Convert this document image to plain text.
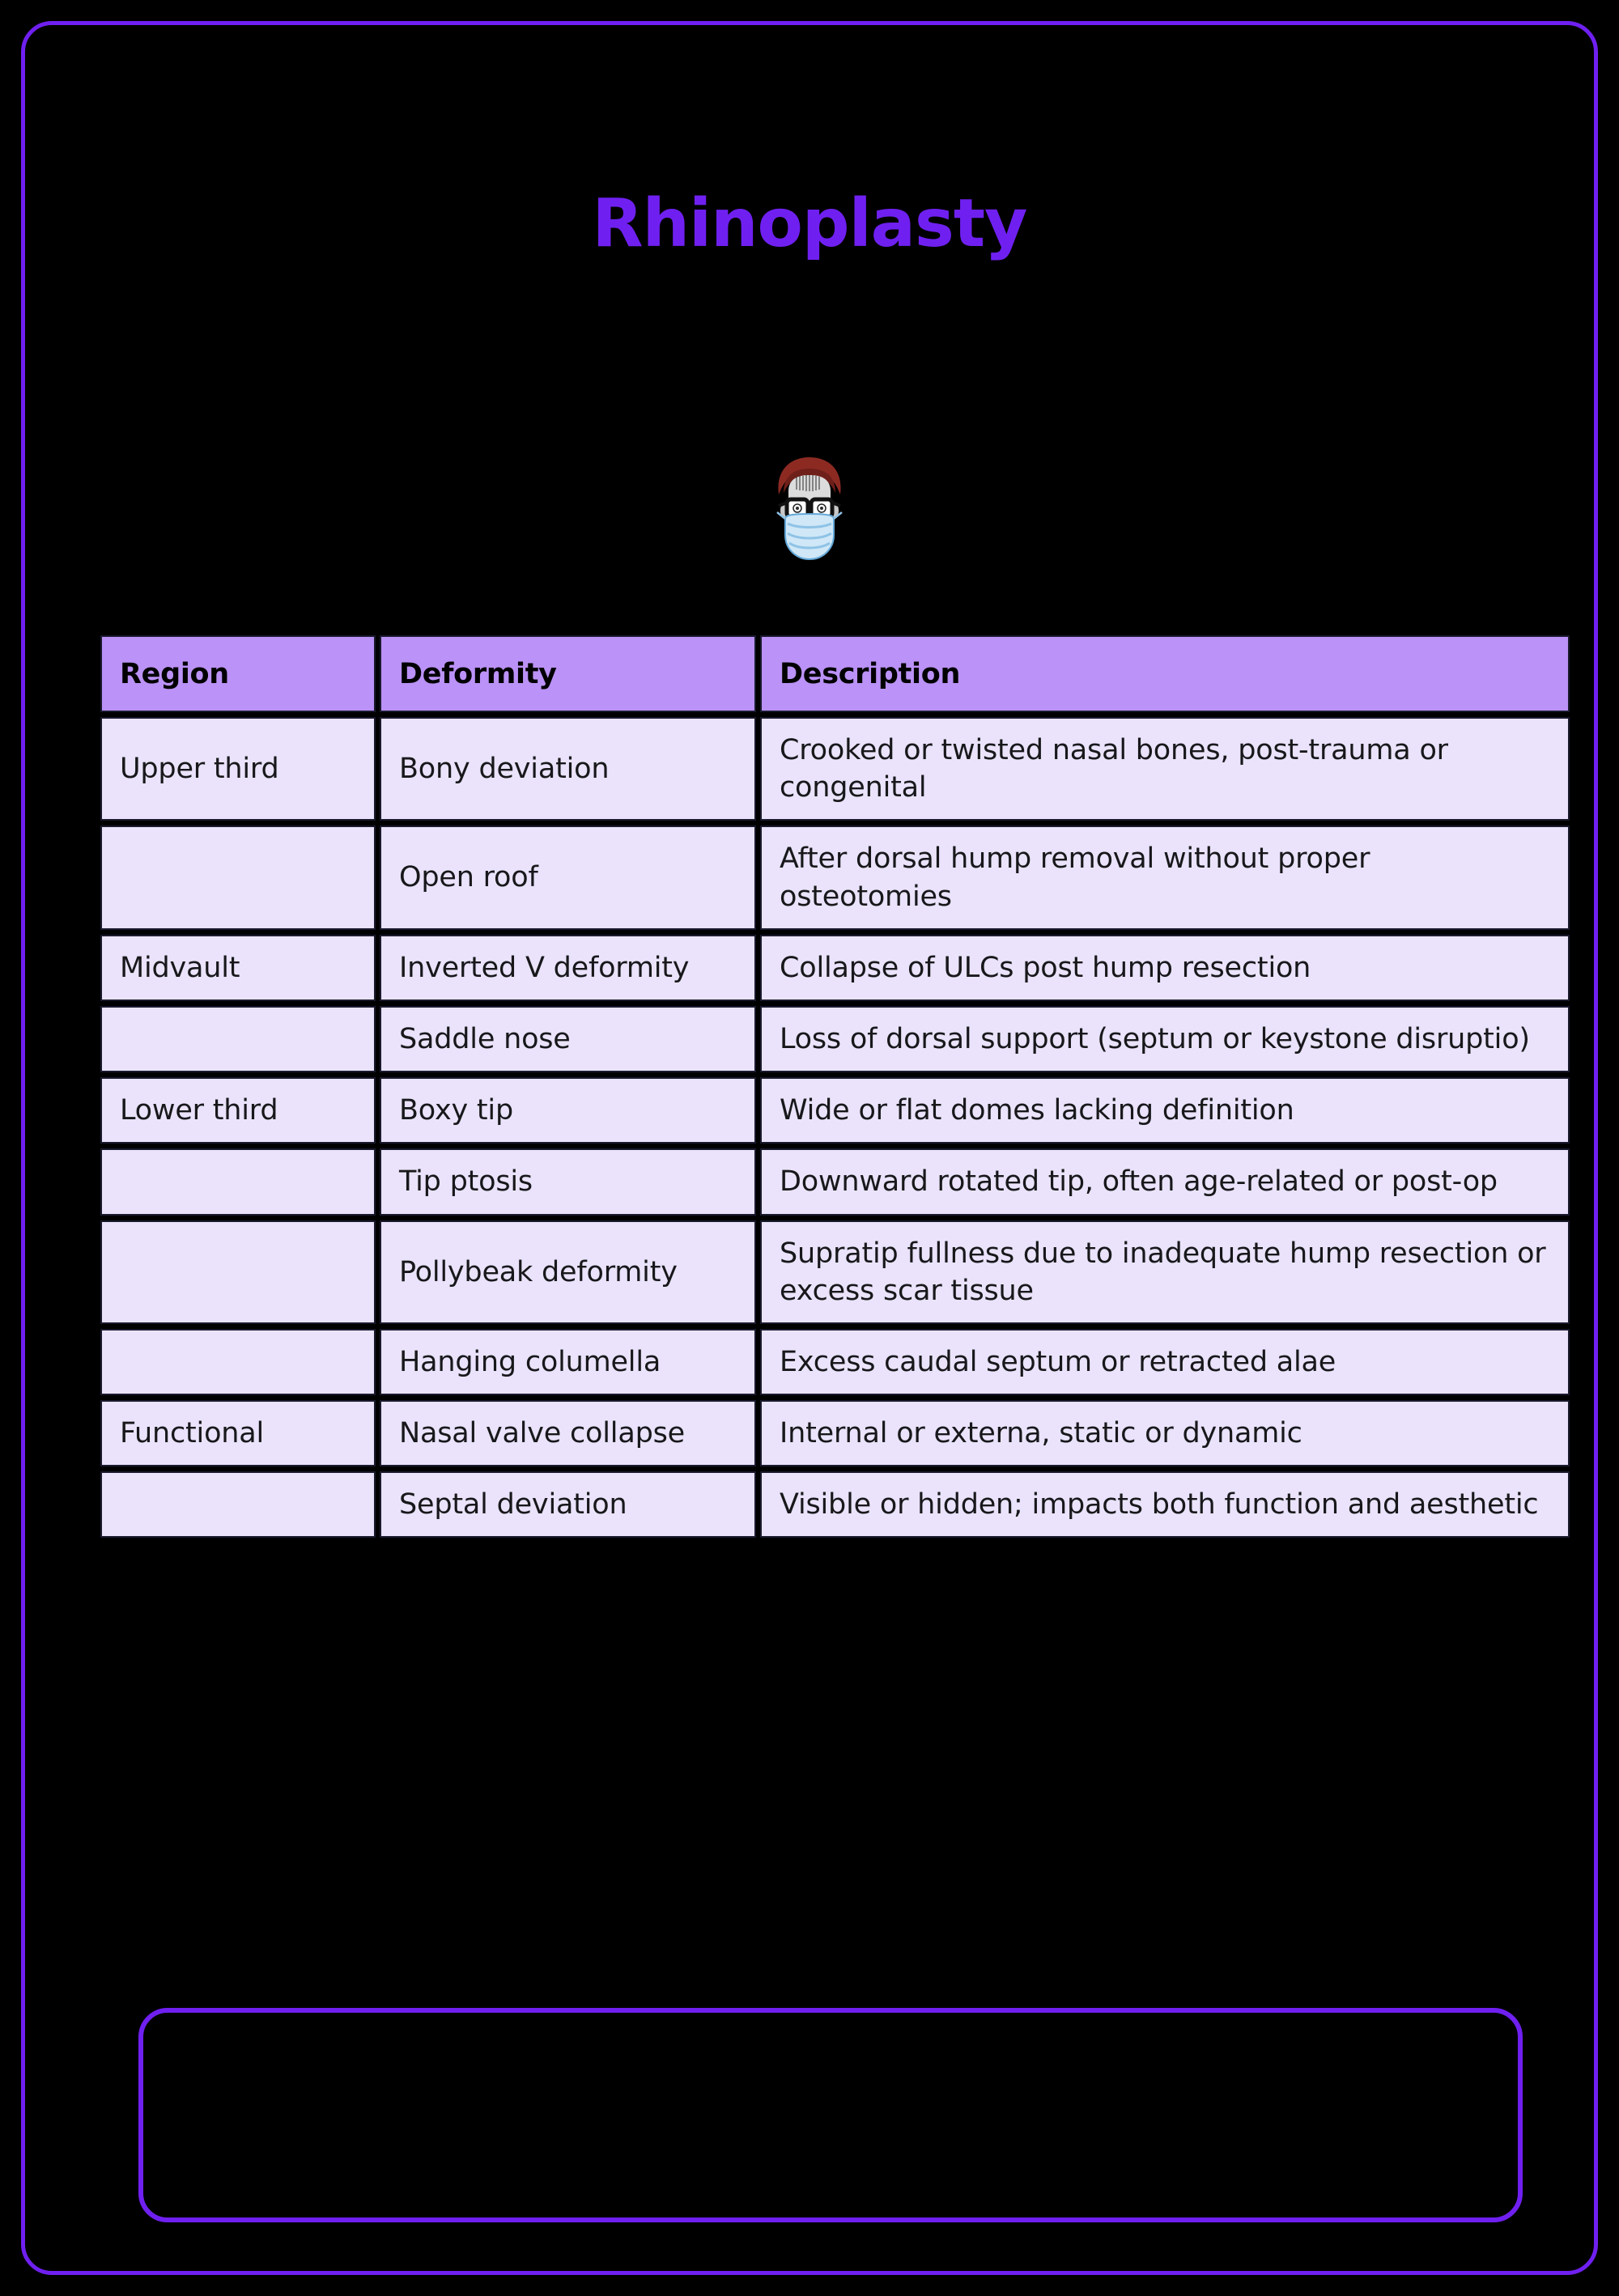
Rhinoplasty
Region	Deformity	Description
Upper third	Bony deviation	Crooked or twisted nasal bones, post-trauma or congenital
	Open roof	After dorsal hump removal without proper osteotomies
Midvault	Inverted V deformity	Collapse of ULCs post hump resection
	Saddle nose	Loss of dorsal support (septum or keystone disruptio)
Lower third	Boxy tip	Wide or flat domes lacking definition
	Tip ptosis	Downward rotated tip, often age-related or post-op
	Pollybeak deformity	Supratip fullness due to inadequate hump resection or excess scar tissue
	Hanging columella	Excess caudal septum or retracted alae
Functional	Nasal valve collapse	Internal or externa, static or dynamic
	Septal deviation	Visible or hidden; impacts both function and aesthetic
